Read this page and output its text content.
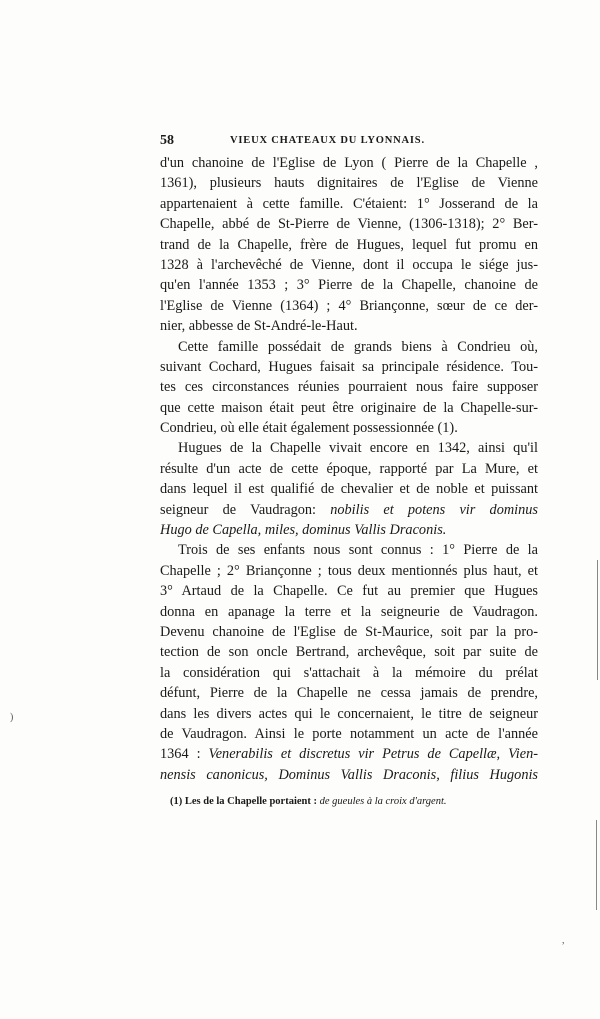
58	VIEUX CHATEAUX DU LYONNAIS.
d'un chanoine de l'Eglise de Lyon ( Pierre de la Chapelle ,
1361), plusieurs hauts dignitaires de l'Eglise de Vienne
appartenaient à cette famille. C'étaient: 1° Josserand de la
Chapelle, abbé de St-Pierre de Vienne, (1306-1318); 2° Ber-
trand de la Chapelle, frère de Hugues, lequel fut promu en
1328 à l'archevêché de Vienne, dont il occupa le siége jus-
qu'en l'année 1353 ; 3° Pierre de la Chapelle, chanoine de
l'Eglise de Vienne (1364) ; 4° Briançonne, sœur de ce der-
nier, abbesse de St-André-le-Haut.
Cette famille possédait de grands biens à Condrieu où,
suivant Cochard, Hugues faisait sa principale résidence. Tou-
tes ces circonstances réunies pourraient nous faire supposer
que cette maison était peut être originaire de la Chapelle-sur-
Condrieu, où elle était également possessionnée (1).
Hugues de la Chapelle vivait encore en 1342, ainsi qu'il
résulte d'un acte de cette époque, rapporté par La Mure, et
dans lequel il est qualifié de chevalier et de noble et puissant
seigneur de Vaudragon: nobilis et potens vir dominus
Hugo de Capella, miles, dominus Vallis Draconis.
Trois de ses enfants nous sont connus : 1° Pierre de la
Chapelle ; 2° Briançonne ; tous deux mentionnés plus haut, et
3° Artaud de la Chapelle. Ce fut au premier que Hugues
donna en apanage la terre et la seigneurie de Vaudragon.
Devenu chanoine de l'Eglise de St-Maurice, soit par la pro-
tection de son oncle Bertrand, archevêque, soit par suite de
la considération qui s'attachait à la mémoire du prélat
défunt, Pierre de la Chapelle ne cessa jamais de prendre,
dans les divers actes qui le concernaient, le titre de seigneur
de Vaudragon. Ainsi le porte notamment un acte de l'année
1364 : Venerabilis et discretus vir Petrus de Capellæ, Vien-
nensis canonicus, Dominus Vallis Draconis, filius Hugonis
(1) Les de la Chapelle portaient : de gueules à la croix d'argent.
)
,
